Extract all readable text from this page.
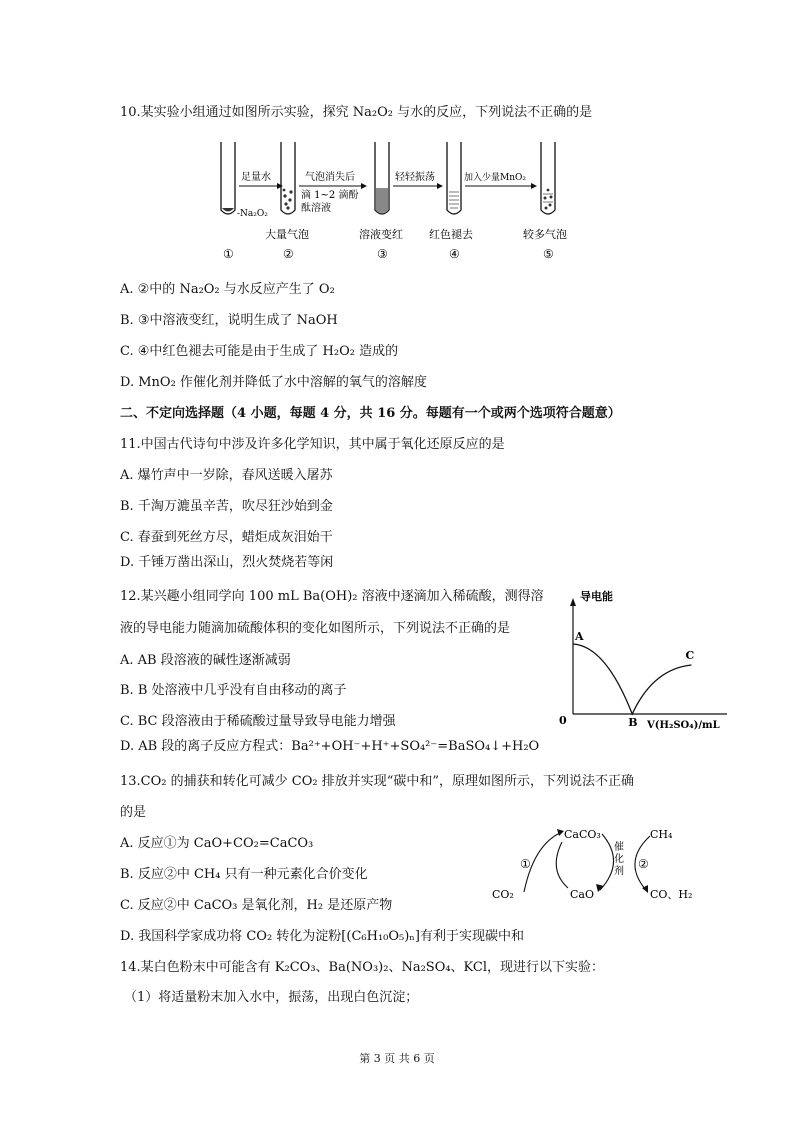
10.某实验小组通过如图所示实验，探究 Na₂O₂ 与水的反应，下列说法不正确的是
-Na₂O₂
足量水	气泡消失后
滴 1~2 滴酚
酞溶液
轻轻振荡	加入少量MnO₂
大量气泡	溶液变红 红色褪去	较多气泡
①	②	③	④	⑤
A. ②中的 Na₂O₂ 与水反应产生了 O₂
B. ③中溶液变红，说明生成了 NaOH
C. ④中红色褪去可能是由于生成了 H₂O₂ 造成的
D. MnO₂ 作催化剂并降低了水中溶解的氧气的溶解度
二、不定向选择题（4 小题，每题 4 分，共 16 分。每题有一个或两个选项符合题意）
11.中国古代诗句中涉及许多化学知识，其中属于氧化还原反应的是
A. 爆竹声中一岁除，春风送暖入屠苏
B. 千淘万漉虽辛苦，吹尽狂沙始到金
C. 春蚕到死丝方尽，蜡炬成灰泪始干
D. 千锤万凿出深山，烈火焚烧若等闲
12.某兴趣小组同学向 100 mL Ba(OH)₂ 溶液中逐滴加入稀硫酸，测得溶
液的导电能力随滴加硫酸体积的变化如图所示，下列说法不正确的是
A. AB 段溶液的碱性逐渐减弱
B. B 处溶液中几乎没有自由移动的离子
C. BC 段溶液由于稀硫酸过量导致导电能力增强
D. AB 段的离子反应方程式：Ba²⁺+OH⁻+H⁺+SO₄²⁻=BaSO₄↓+H₂O
导电能
0	V(H₂SO₄)/mL
A
B
C
13.CO₂ 的捕获和转化可减少 CO₂ 排放并实现“碳中和”，原理如图所示，下列说法不正确
的是
A. 反应①为 CaO+CO₂=CaCO₃
B. 反应②中 CH₄ 只有一种元素化合价变化
C. 反应②中 CaCO₃ 是氧化剂，H₂ 是还原产物
D. 我国科学家成功将 CO₂ 转化为淀粉[(C₆H₁₀O₅)ₙ]有利于实现碳中和
CaCO₃	CH₄
CaO
CO₂	CO、H₂
①	②
催
化
剂
14.某白色粉末中可能含有 K₂CO₃、Ba(NO₃)₂、Na₂SO₄、KCl，现进行以下实验：
（1）将适量粉末加入水中，振荡，出现白色沉淀；
第 3 页 共 6 页
